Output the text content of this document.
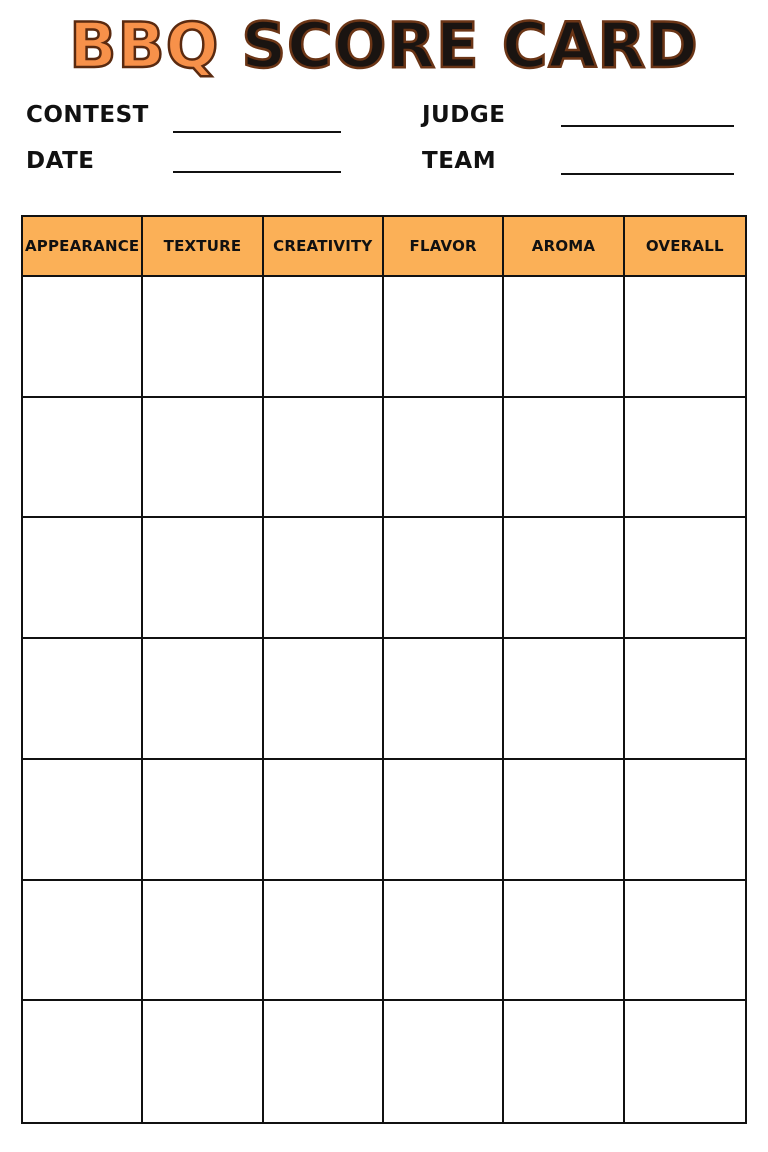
BBQ SCORE CARD
CONTEST
DATE
JUDGE
TEAM
APPEARANCE	TEXTURE	CREATIVITY	FLAVOR	AROMA	OVERALL
